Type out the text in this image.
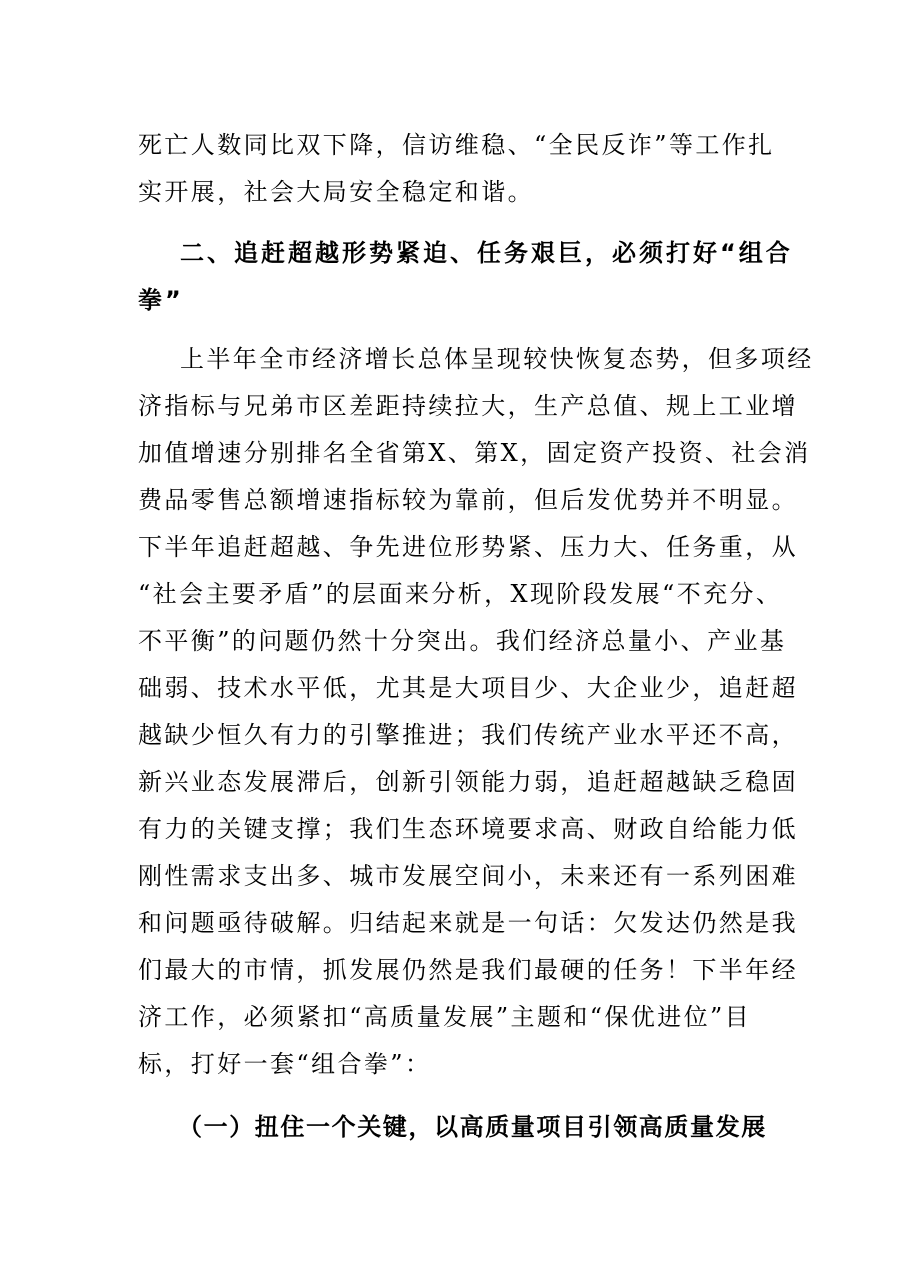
死亡人数同比双下降，信访维稳、“全民反诈”等工作扎
实开展，社会大局安全稳定和谐。
二、追赶超越形势紧迫、任务艰巨，必须打好“组合
拳”
上半年全市经济增长总体呈现较快恢复态势，但多项经
济指标与兄弟市区差距持续拉大，生产总值、规上工业增
加值增速分别排名全省第X、第X，固定资产投资、社会消
费品零售总额增速指标较为靠前，但后发优势并不明显。
下半年追赶超越、争先进位形势紧、压力大、任务重，从
“社会主要矛盾”的层面来分析，X现阶段发展“不充分、
不平衡”的问题仍然十分突出。我们经济总量小、产业基
础弱、技术水平低，尤其是大项目少、大企业少，追赶超
越缺少恒久有力的引擎推进；我们传统产业水平还不高，
新兴业态发展滞后，创新引领能力弱，追赶超越缺乏稳固
有力的关键支撑；我们生态环境要求高、财政自给能力低
刚性需求支出多、城市发展空间小，未来还有一系列困难
和问题亟待破解。归结起来就是一句话：欠发达仍然是我
们最大的市情，抓发展仍然是我们最硬的任务！下半年经
济工作，必须紧扣“高质量发展”主题和“保优进位”目
标，打好一套“组合拳”：
（一）扭住一个关键，以高质量项目引领高质量发展
